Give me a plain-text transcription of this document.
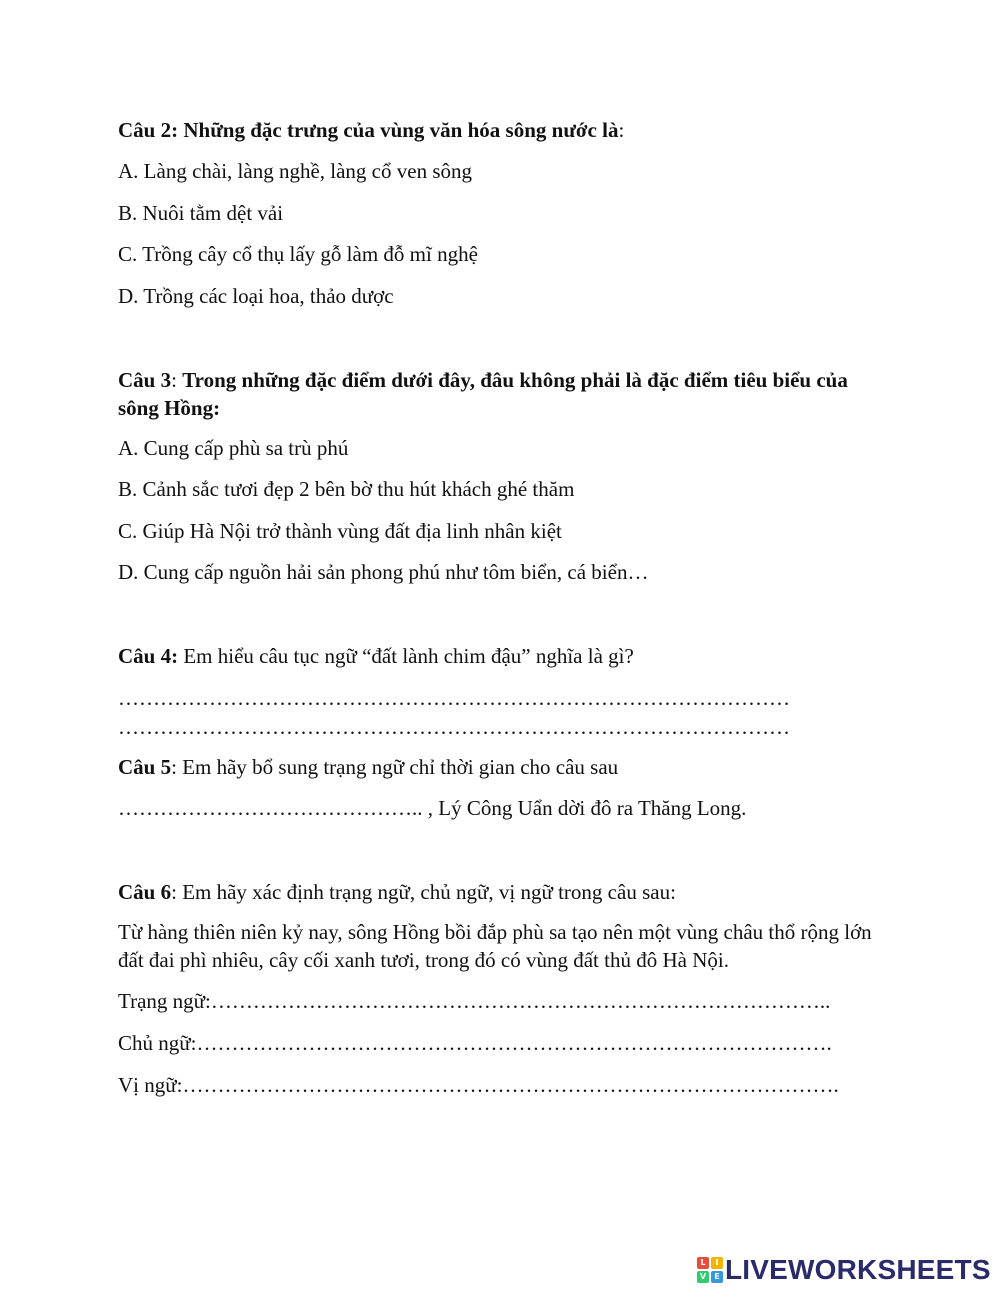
Câu 2: Những đặc trưng của vùng văn hóa sông nước là:
A. Làng chài, làng nghề, làng cổ ven sông
B. Nuôi tằm dệt vải
C. Trồng cây cổ thụ lấy gỗ làm đỗ mĩ nghệ
D. Trồng các loại hoa, thảo dược
Câu 3: Trong những đặc điểm dưới đây, đâu không phải là đặc điểm tiêu biểu của sông Hồng:
A. Cung cấp phù sa trù phú
B. Cảnh sắc tươi đẹp 2 bên bờ thu hút khách ghé thăm
C. Giúp Hà Nội trở thành vùng đất địa linh nhân kiệt
D. Cung cấp nguồn hải sản phong phú như tôm biển, cá biển…
Câu 4: Em hiểu câu tục ngữ “đất lành chim đậu” nghĩa là gì?
……………………………………………………………………………………
……………………………………………………………………………………
Câu 5: Em hãy bổ sung trạng ngữ chỉ thời gian cho câu sau
…………………………………….. , Lý Công Uẩn dời đô ra Thăng Long.
Câu 6: Em hãy xác định trạng ngữ, chủ ngữ, vị ngữ trong câu sau:
Từ hàng thiên niên kỷ nay, sông Hồng bồi đắp phù sa tạo nên một vùng châu thổ rộng lớn đất đai phì nhiêu, cây cối xanh tươi, trong đó có vùng đất thủ đô Hà Nội.
Trạng ngữ:……………………………………………………………………………..
Chủ ngữ:……………………………………………………………………………….
Vị ngữ:………………………………………………………………………………….
L	I
V	E LIVEWORKSHEETS
